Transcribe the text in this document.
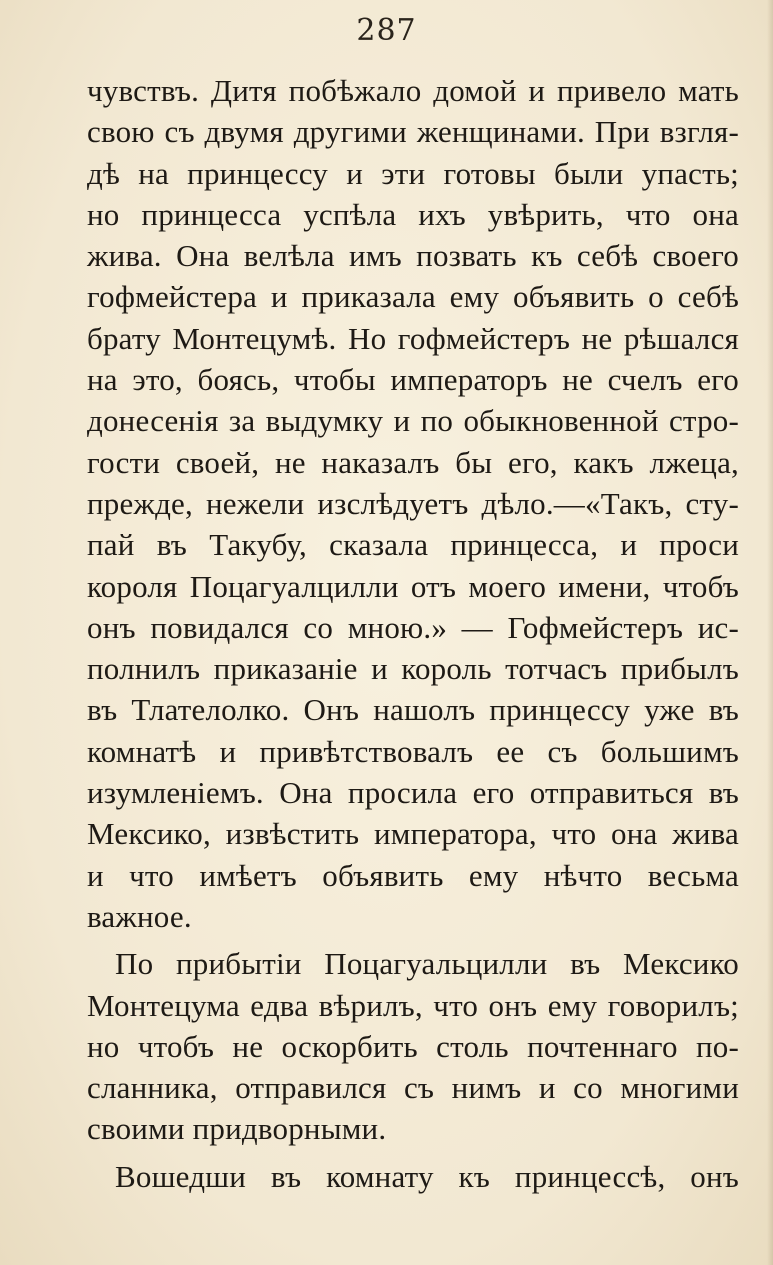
287
чувствъ. Дитя побѣжало домой и привело мать
свою съ двумя другими женщинами. При взгля-
дѣ на принцессу и эти готовы были упасть;
но принцесса успѣла ихъ увѣрить, что она
жива. Она велѣла имъ позвать къ себѣ своего
гофмейстера и приказала ему объявить о себѣ
брату Монтецумѣ. Но гофмейстеръ не рѣшался
на это, боясь, чтобы императоръ не счелъ его
донесенія за выдумку и по обыкновенной стро-
гости своей, не наказалъ бы его, какъ лжеца,
прежде, нежели изслѣдуетъ дѣло.—«Такъ, сту-
пай въ Такубу, сказала принцесса, и проси
короля Поцагуалцилли отъ моего имени, чтобъ
онъ повидался со мною.» — Гофмейстеръ ис-
полнилъ приказаніе и король тотчасъ прибылъ
въ Тлателолко. Онъ нашолъ принцессу уже въ
комнатѣ и привѣтствовалъ ее съ большимъ
изумленіемъ. Она просила его отправиться въ
Мексико, извѣстить императора, что она жива
и что имѣетъ объявить ему нѣчто весьма
важное.
По прибытіи Поцагуальцилли въ Мексико
Монтецума едва вѣрилъ, что онъ ему говорилъ;
но чтобъ не оскорбить столь почтеннаго по-
сланника, отправился съ нимъ и со многими
своими придворными.
Вошедши въ комнату къ принцессѣ, онъ
